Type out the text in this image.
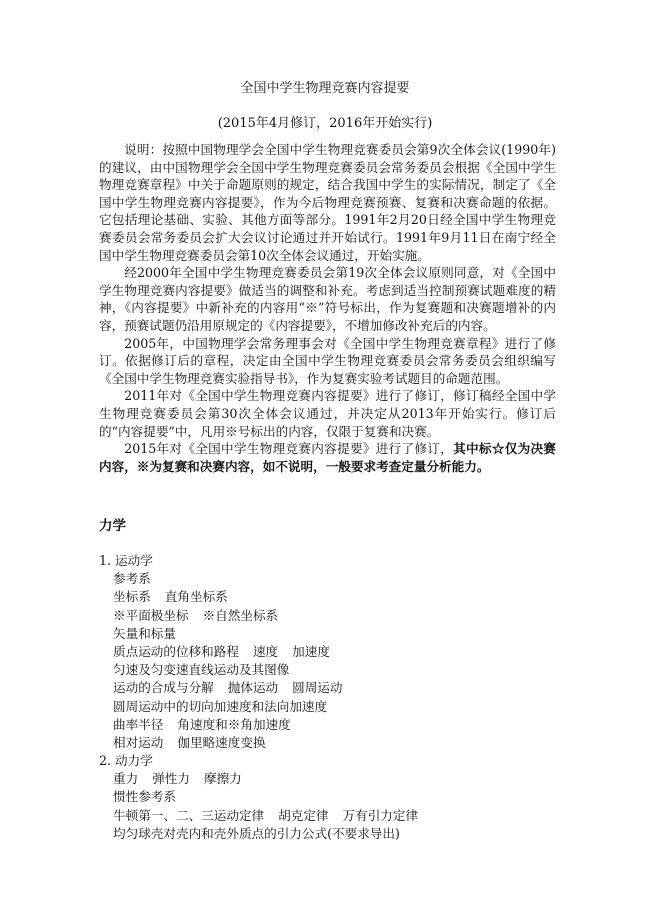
全国中学生物理竞赛内容提要
(2015年4月修订，2016年开始实行)

说明：按照中国物理学会全国中学生物理竞赛委员会第9次全体会议(1990年)的建议，由中国物理学会全国中学生物理竞赛委员会常务委员会根据《全国中学生物理竞赛章程》中关于命题原则的规定，结合我国中学生的实际情况，制定了《全国中学生物理竞赛内容提要》，作为今后物理竞赛预赛、复赛和决赛命题的依据。它包括理论基础、实验、其他方面等部分。1991年2月20日经全国中学生物理竞赛委员会常务委员会扩大会议讨论通过并开始试行。1991年9月11日在南宁经全国中学生物理竞赛委员会第10次全体会议通过，开始实施。

经2000年全国中学生物理竞赛委员会第19次全体会议原则同意，对《全国中学生物理竞赛内容提要》做适当的调整和补充。考虑到适当控制预赛试题难度的精神，《内容提要》中新补充的内容用“※”符号标出，作为复赛题和决赛题增补的内容，预赛试题仍沿用原规定的《内容提要》，不增加修改补充后的内容。

2005年，中国物理学会常务理事会对《全国中学生物理竞赛章程》进行了修订。依据修订后的章程，决定由全国中学生物理竞赛委员会常务委员会组织编写《全国中学生物理竞赛实验指导书》，作为复赛实验考试题目的命题范围。

2011年对《全国中学生物理竞赛内容提要》进行了修订，修订稿经全国中学生物理竞赛委员会第30次全体会议通过，并决定从2013年开始实行。修订后的“内容提要”中，凡用※号标出的内容，仅限于复赛和决赛。

2015年对《全国中学生物理竞赛内容提要》进行了修订，其中标☆仅为决赛内容，※为复赛和决赛内容，如不说明，一般要求考查定量分析能力。

力学
1. 运动学
参考系
坐标系 直角坐标系
※平面极坐标 ※自然坐标系
矢量和标量
质点运动的位移和路程 速度 加速度
匀速及匀变速直线运动及其图像
运动的合成与分解 抛体运动 圆周运动
圆周运动中的切向加速度和法向加速度
曲率半径 角速度和※角加速度
相对运动 伽里略速度变换
2. 动力学
重力 弹性力 摩擦力
惯性参考系
牛顿第一、二、三运动定律 胡克定律 万有引力定律
均匀球壳对壳内和壳外质点的引力公式(不要求导出)
